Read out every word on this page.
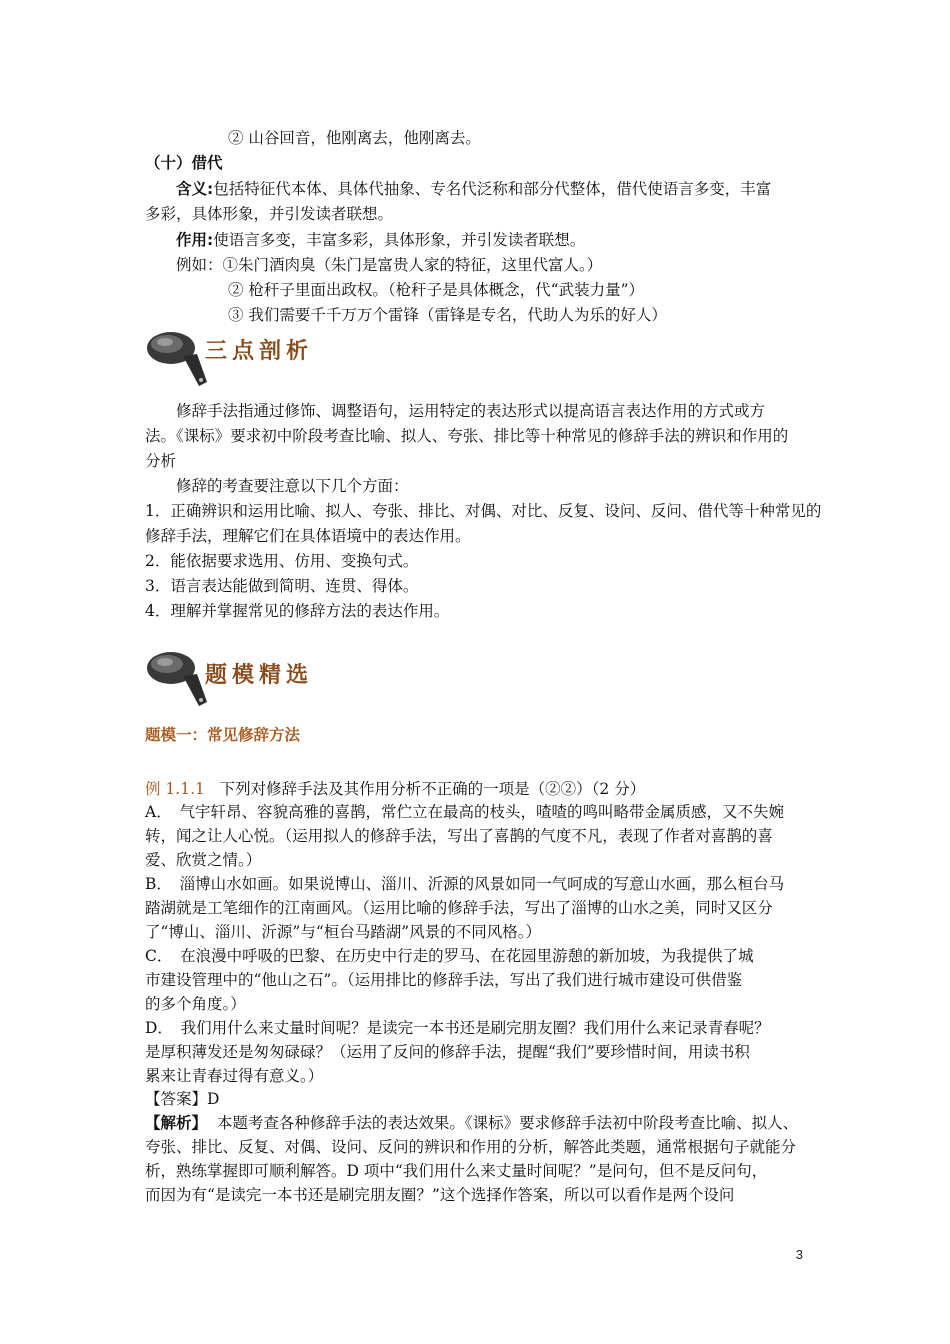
② 山谷回音，他刚离去，他刚离去。
（十）借代
含义:包括特征代本体、具体代抽象、专名代泛称和部分代整体，借代使语言多变，丰富
多彩，具体形象，并引发读者联想。
作用:使语言多变，丰富多彩，具体形象，并引发读者联想。
例如：①朱门酒肉臭（朱门是富贵人家的特征，这里代富人。）
② 枪秆子里面出政权。（枪秆子是具体概念，代“武装力量”）
③ 我们需要千千万万个雷锋（雷锋是专名，代助人为乐的好人）
三点剖析
修辞手法指通过修饰、调整语句，运用特定的表达形式以提高语言表达作用的方式或方
法。《课标》要求初中阶段考查比喻、拟人、夸张、排比等十种常见的修辞手法的辨识和作用的
分析
修辞的考查要注意以下几个方面：
1．正确辨识和运用比喻、拟人、夸张、排比、对偶、对比、反复、设问、反问、借代等十种常见的
修辞手法，理解它们在具体语境中的表达作用。
2．能依据要求选用、仿用、变换句式。
3．语言表达能做到简明、连贯、得体。
4．理解并掌握常见的修辞方法的表达作用。
题模精选
题模一：常见修辞方法
例 1.1.1 下列对修辞手法及其作用分析不正确的一项是（②②）（2 分）
A．　气宇轩昂、容貌高雅的喜鹊，常伫立在最高的枝头，喳喳的鸣叫略带金属质感，又不失婉
转，闻之让人心悦。（运用拟人的修辞手法，写出了喜鹊的气度不凡，表现了作者对喜鹊的喜
爱、欣赏之情。）
B．　淄博山水如画。如果说博山、淄川、沂源的风景如同一气呵成的写意山水画，那么桓台马
踏湖就是工笔细作的江南画风。（运用比喻的修辞手法，写出了淄博的山水之美，同时又区分
了“博山、淄川、沂源”与“桓台马踏湖”风景的不同风格。）
C．　在浪漫中呼吸的巴黎、在历史中行走的罗马、在花园里游憩的新加坡，为我提供了城
市建设管理中的“他山之石”。（运用排比的修辞手法，写出了我们进行城市建设可供借鉴
的多个角度。）
D．　我们用什么来丈量时间呢？是读完一本书还是刷完朋友圈？我们用什么来记录青春呢？
是厚积薄发还是匆匆碌碌？（运用了反问的修辞手法，提醒“我们”要珍惜时间，用读书积
累来让青春过得有意义。）
【答案】D
【解析】 本题考查各种修辞手法的表达效果。《课标》要求修辞手法初中阶段考查比喻、拟人、
夸张、排比、反复、对偶、设问、反问的辨识和作用的分析，解答此类题，通常根据句子就能分
析，熟练掌握即可顺利解答。D 项中“我们用什么来丈量时间呢？”是问句，但不是反问句，
而因为有“是读完一本书还是刷完朋友圈？”这个选择作答案，所以可以看作是两个设问
3
